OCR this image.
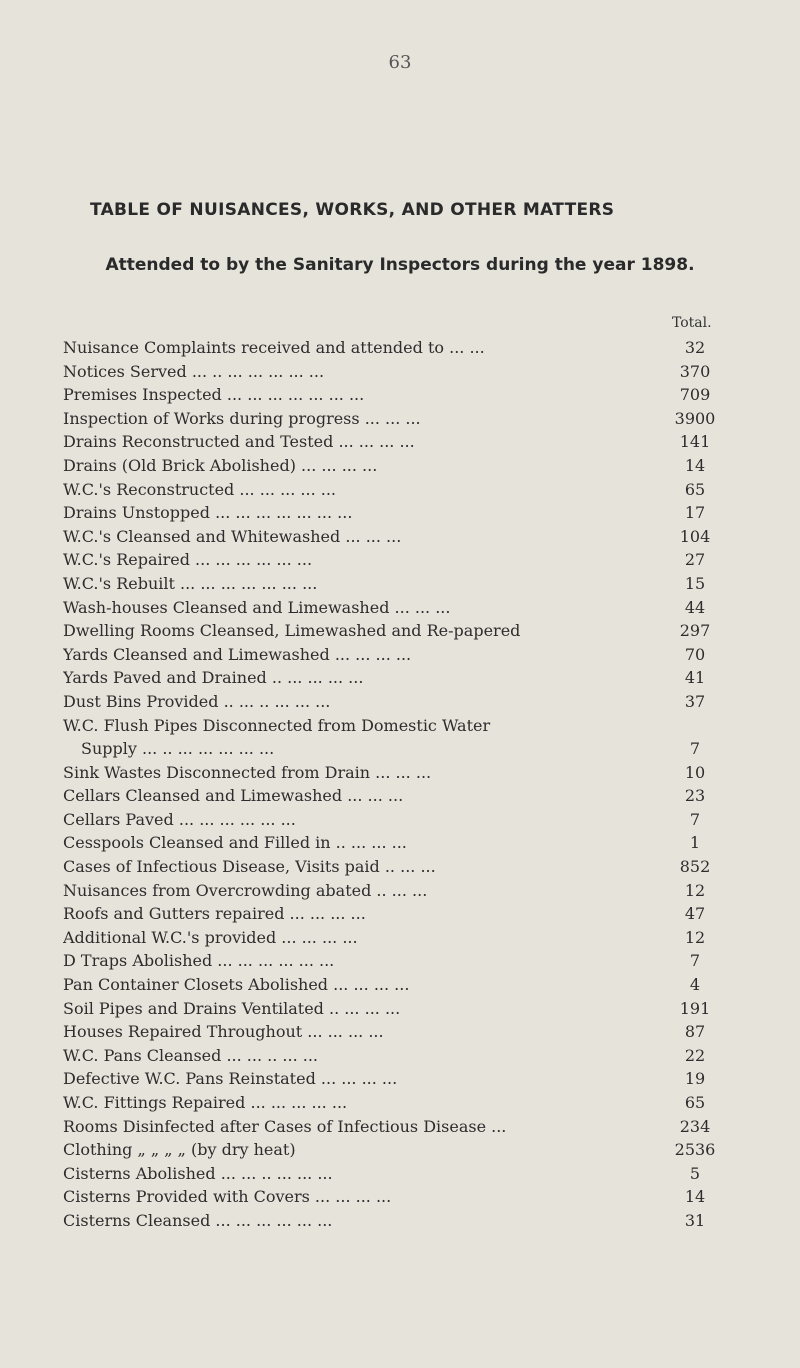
63
TABLE OF NUISANCES, WORKS, AND OTHER MATTERS
Attended to by the Sanitary Inspectors during the year 1898.
Total.
Nuisance Complaints received and attended to ... ...	32
Notices Served ... .. ... ... ... ... ...	370
Premises Inspected ... ... ... ... ... ... ...	709
Inspection of Works during progress ... ... ...	3900
Drains Reconstructed and Tested ... ... ... ...	141
Drains (Old Brick Abolished) ... ... ... ...	14
W.C.'s Reconstructed ... ... ... ... ...	65
Drains Unstopped ... ... ... ... ... ... ...	17
W.C.'s Cleansed and Whitewashed ... ... ...	104
W.C.'s Repaired ... ... ... ... ... ...	27
W.C.'s Rebuilt ... ... ... ... ... ... ...	15
Wash-houses Cleansed and Limewashed ... ... ...	44
Dwelling Rooms Cleansed, Limewashed and Re-papered	297
Yards Cleansed and Limewashed ... ... ... ...	70
Yards Paved and Drained .. ... ... ... ...	41
Dust Bins Provided .. ... .. ... ... ...	37
W.C. Flush Pipes Disconnected from Domestic Water
Supply ... .. ... ... ... ... ...	7
Sink Wastes Disconnected from Drain ... ... ...	10
Cellars Cleansed and Limewashed ... ... ...	23
Cellars Paved ... ... ... ... ... ...	7
Cesspools Cleansed and Filled in .. ... ... ...	1
Cases of Infectious Disease, Visits paid .. ... ...	852
Nuisances from Overcrowding abated .. ... ...	12
Roofs and Gutters repaired ... ... ... ...	47
Additional W.C.'s provided ... ... ... ...	12
D Traps Abolished ... ... ... ... ... ...	7
Pan Container Closets Abolished ... ... ... ...	4
Soil Pipes and Drains Ventilated .. ... ... ...	191
Houses Repaired Throughout ... ... ... ...	87
W.C. Pans Cleansed ... ... .. ... ...	22
Defective W.C. Pans Reinstated ... ... ... ...	19
W.C. Fittings Repaired ... ... ... ... ...	65
Rooms Disinfected after Cases of Infectious Disease ...	234
Clothing „ „ „ „ (by dry heat)	2536
Cisterns Abolished ... ... .. ... ... ...	5
Cisterns Provided with Covers ... ... ... ...	14
Cisterns Cleansed ... ... ... ... ... ...	31
